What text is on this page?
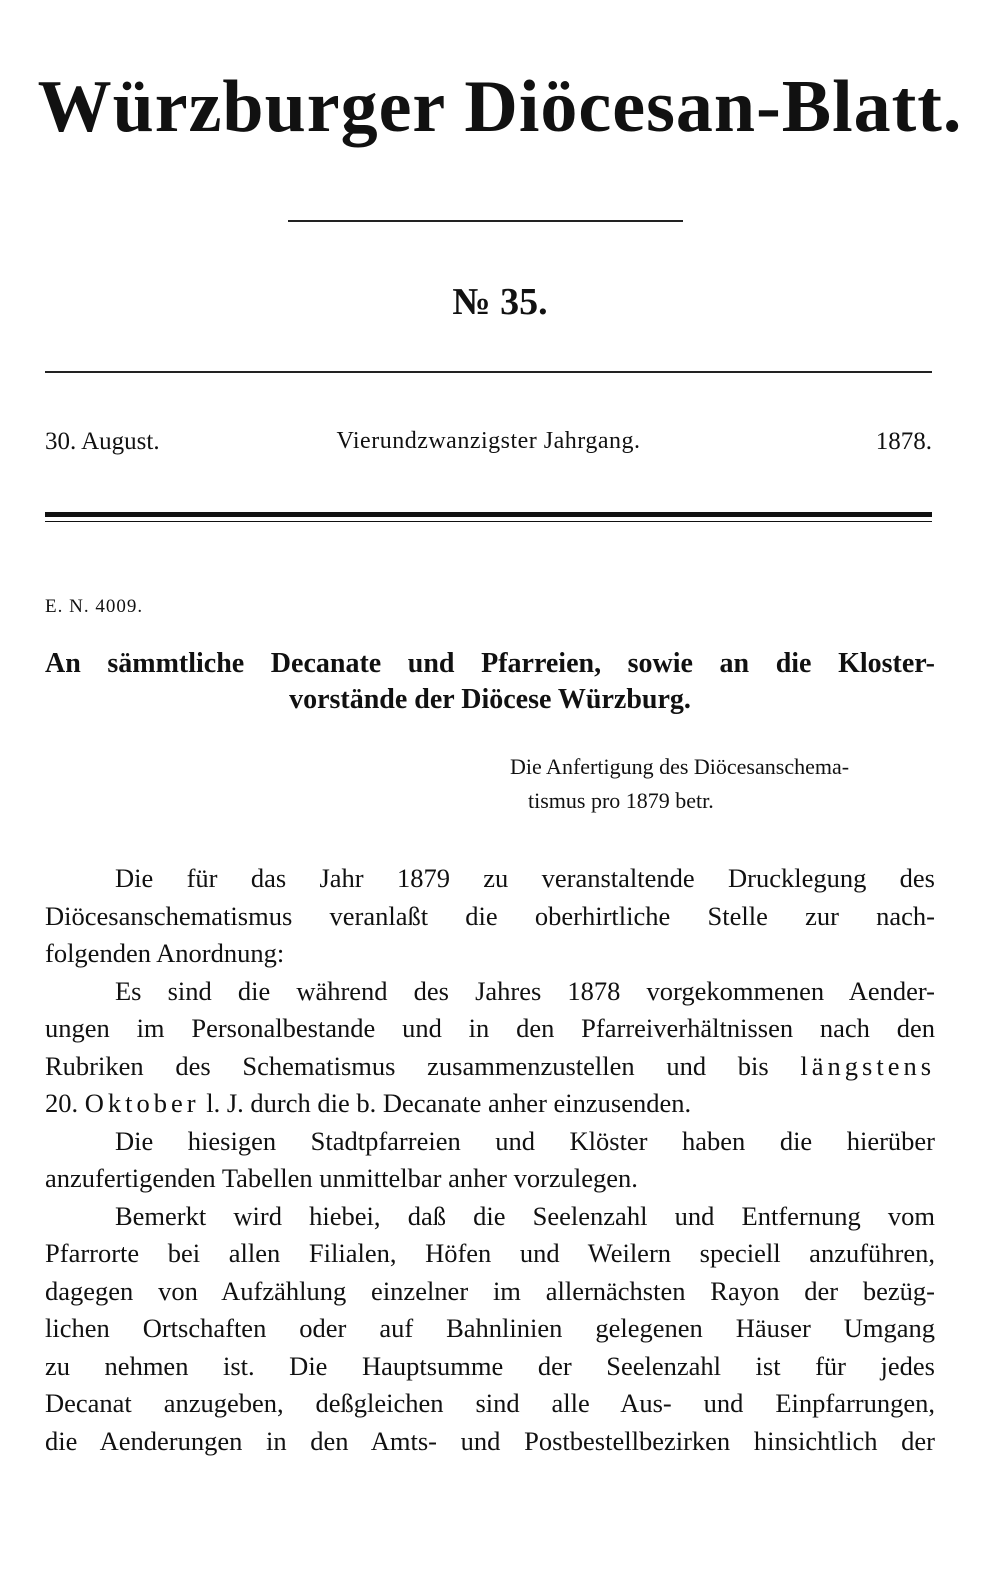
Würzburger Diöcesan-Blatt.
№ 35.
30. August.	Vierundzwanzigster Jahrgang.	1878.
E. N. 4009.
An sämmtliche Decanate und Pfarreien, sowie an die Kloster-
vorstände der Diöcese Würzburg.
Die Anfertigung des Diöcesanschema-
tismus pro 1879 betr.
Die für das Jahr 1879 zu veranstaltende Drucklegung des
Diöcesanschematismus veranlaßt die oberhirtliche Stelle zur nach-
folgenden Anordnung:
Es sind die während des Jahres 1878 vorgekommenen Aender-
ungen im Personalbestande und in den Pfarreiverhältnissen nach den
Rubriken des Schematismus zusammenzustellen und bis längstens
20. Oktober l. J. durch die b. Decanate anher einzusenden.
Die hiesigen Stadtpfarreien und Klöster haben die hierüber
anzufertigenden Tabellen unmittelbar anher vorzulegen.
Bemerkt wird hiebei, daß die Seelenzahl und Entfernung vom
Pfarrorte bei allen Filialen, Höfen und Weilern speciell anzuführen,
dagegen von Aufzählung einzelner im allernächsten Rayon der bezüg-
lichen Ortschaften oder auf Bahnlinien gelegenen Häuser Umgang
zu nehmen ist. Die Hauptsumme der Seelenzahl ist für jedes
Decanat anzugeben, deßgleichen sind alle Aus- und Einpfarrungen,
die Aenderungen in den Amts- und Postbestellbezirken hinsichtlich der
